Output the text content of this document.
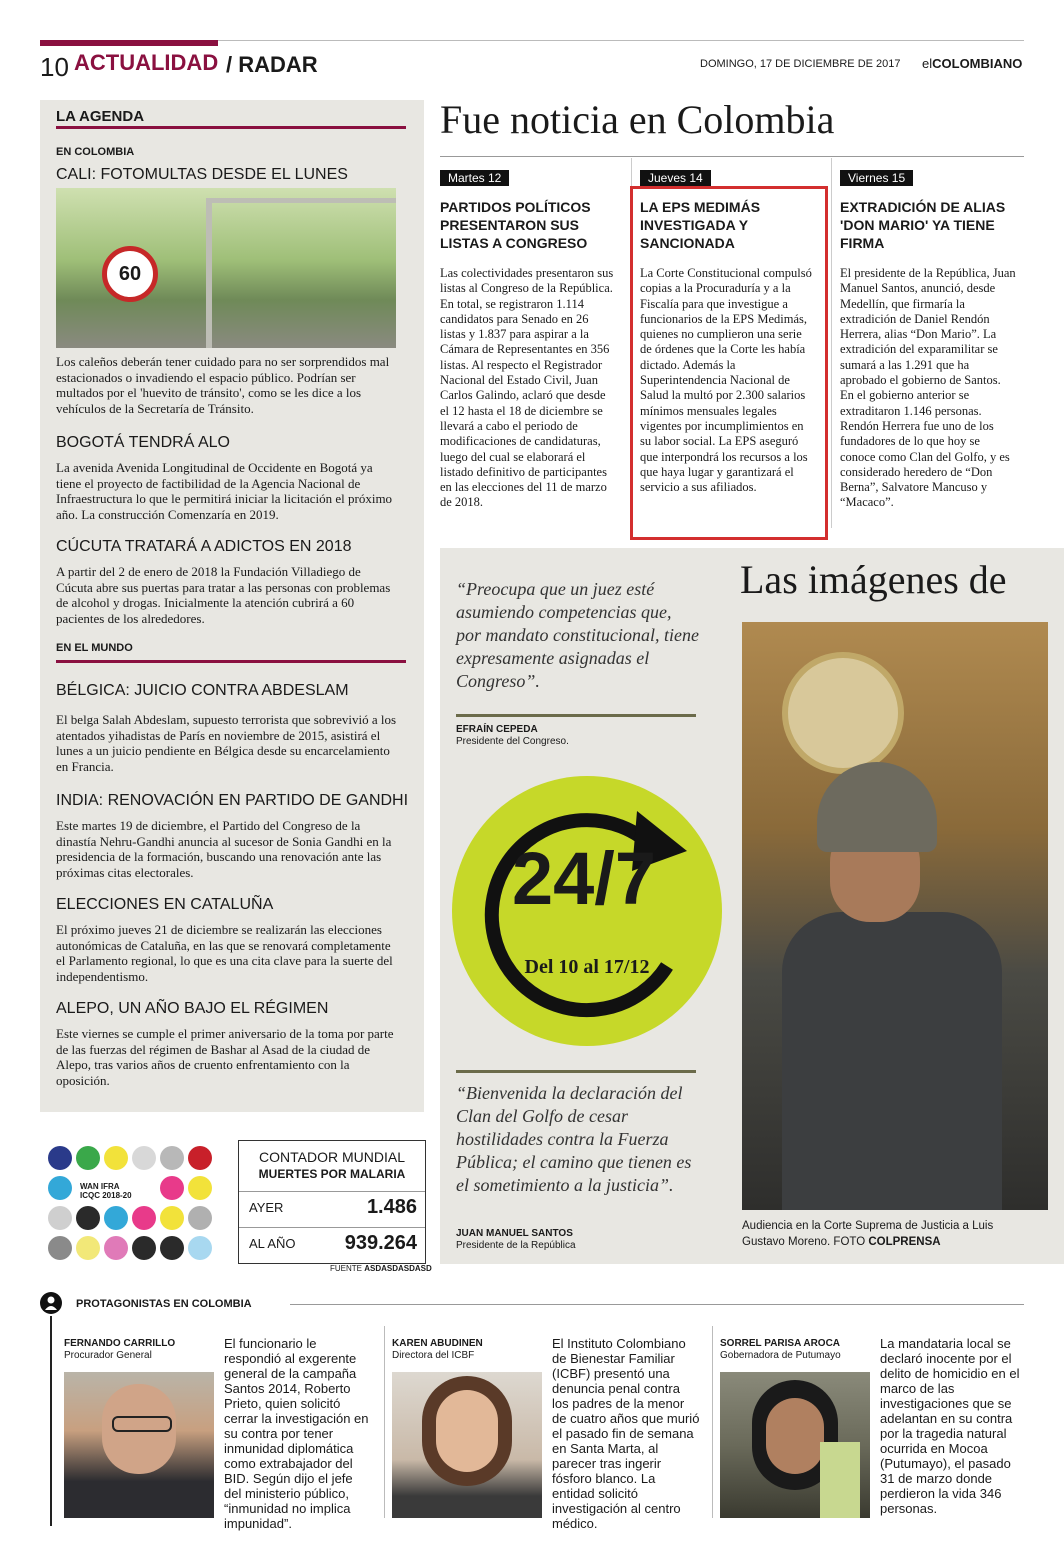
10 ACTUALIDAD / RADAR	DOMINGO, 17 DE DICIEMBRE DE 2017 elCOLOMBIANO
LA AGENDA
EN COLOMBIA
CALI: FOTOMULTAS DESDE EL LUNES
60
Los caleños deberán tener cuidado para no ser sorprendidos mal estacionados o invadiendo el espacio público. Podrían ser multados por el 'huevito de tránsito', como se les dice a los vehículos de la Secretaría de Tránsito.
BOGOTÁ TENDRÁ ALO
La avenida Avenida Longitudinal de Occidente en Bogotá ya tiene el proyecto de factibilidad de la Agencia Nacional de Infraestructura lo que le permitirá iniciar la licitación el próximo año. La construcción Comenzaría en 2019.
CÚCUTA TRATARÁ A ADICTOS EN 2018
A partir del 2 de enero de 2018 la Fundación Villadiego de Cúcuta abre sus puertas para tratar a las personas con problemas de alcohol y drogas. Inicialmente la atención cubrirá a 60 pacientes de los alrededores.
EN EL MUNDO
BÉLGICA: JUICIO CONTRA ABDESLAM
El belga Salah Abdeslam, supuesto terrorista que sobrevivió a los atentados yihadistas de París en noviembre de 2015, asistirá el lunes a un juicio pendiente en Bélgica desde su encarcelamiento en Francia.
INDIA: RENOVACIÓN EN PARTIDO DE GANDHI
Este martes 19 de diciembre, el Partido del Congreso de la dinastía Nehru-Gandhi anuncia al sucesor de Sonia Gandhi en la presidencia de la formación, buscando una renovación ante las próximas citas electorales.
ELECCIONES EN CATALUÑA
El próximo jueves 21 de diciembre se realizarán las elecciones autonómicas de Cataluña, en las que se renovará completamente el Parlamento regional, lo que es una cita clave para la suerte del independentismo.
ALEPO, UN AÑO BAJO EL RÉGIMEN
Este viernes se cumple el primer aniversario de la toma por parte de las fuerzas del régimen de Bashar al Asad de la ciudad de Alepo, tras varios años de cruento enfrentamiento con la oposición.
Fue noticia en Colombia
Martes 12
PARTIDOS POLÍTICOS PRESENTARON SUS LISTAS A CONGRESO
Las colectividades presentaron sus listas al Congreso de la República. En total, se registraron 1.114 candidatos para Senado en 26 listas y 1.837 para aspirar a la Cámara de Representantes en 356 listas. Al respecto el Registrador Nacional del Estado Civil, Juan Carlos Galindo, aclaró que desde el 12 hasta el 18 de diciembre se llevará a cabo el periodo de modificaciones de candidaturas, luego del cual se elaborará el listado definitivo de participantes en las elecciones del 11 de marzo de 2018.
Jueves 14
LA EPS MEDIMÁS INVESTIGADA Y SANCIONADA
La Corte Constitucional compulsó copias a la Procuraduría y a la Fiscalía para que investigue a funcionarios de la EPS Medimás, quienes no cumplieron una serie de órdenes que la Corte les había dictado. Además la Superintendencia Nacional de Salud la multó por 2.300 salarios mínimos mensuales legales vigentes por incumplimientos en su labor social. La EPS aseguró que interpondrá los recursos a los que haya lugar y garantizará el servicio a sus afiliados.
Viernes 15
EXTRADICIÓN DE ALIAS 'DON MARIO' YA TIENE FIRMA
El presidente de la República, Juan Manuel Santos, anunció, desde Medellín, que firmaría la extradición de Daniel Rendón Herrera, alias “Don Mario”. La extradición del exparamilitar se sumará a las 1.291 que ha aprobado el gobierno de Santos. En el gobierno anterior se extraditaron 1.146 personas. Rendón Herrera fue uno de los fundadores de lo que hoy se conoce como Clan del Golfo, y es considerado heredero de “Don Berna”, Salvatore Mancuso y “Macaco”.
Las imágenes de
“Preocupa que un juez esté asumiendo competencias que, por mandato constitucional, tiene expresamente asignadas el Congreso”.
EFRAÍN CEPEDA
Presidente del Congreso.
24/7
Del 10 al 17/12
“Bienvenida la declaración del Clan del Golfo de cesar hostilidades contra la Fuerza Pública; el camino que tienen es el sometimiento a la justicia”.
JUAN MANUEL SANTOS
Presidente de la República
Audiencia en la Corte Suprema de Justicia a Luis Gustavo Moreno. FOTO COLPRENSA
WAN IFRA
ICQC 2018-20
CONTADOR MUNDIAL
MUERTES POR MALARIA
AYER	1.486
AL AÑO 939.264
FUENTE ASDASDASDASD
PROTAGONISTAS EN COLOMBIA
FERNANDO CARRILLO
Procurador General
El funcionario le respondió al exgerente general de la campaña Santos 2014, Roberto Prieto, quien solicitó cerrar la investigación en su contra por tener inmunidad diplomática como extrabajador del BID. Según dijo el jefe del ministerio público, “inmunidad no implica impunidad”.
KAREN ABUDINEN
Directora del ICBF
El Instituto Colombiano de Bienestar Familiar (ICBF) presentó una denuncia penal contra los padres de la menor de cuatro años que murió el pasado fin de semana en Santa Marta, al parecer tras ingerir fósforo blanco. La entidad solicitó investigación al centro médico.
SORREL PARISA AROCA
Gobernadora de Putumayo
La mandataria local se declaró inocente por el delito de homicidio en el marco de las investigaciones que se adelantan en su contra por la tragedia natural ocurrida en Mocoa (Putumayo), el pasado 31 de marzo donde perdieron la vida 346 personas.
